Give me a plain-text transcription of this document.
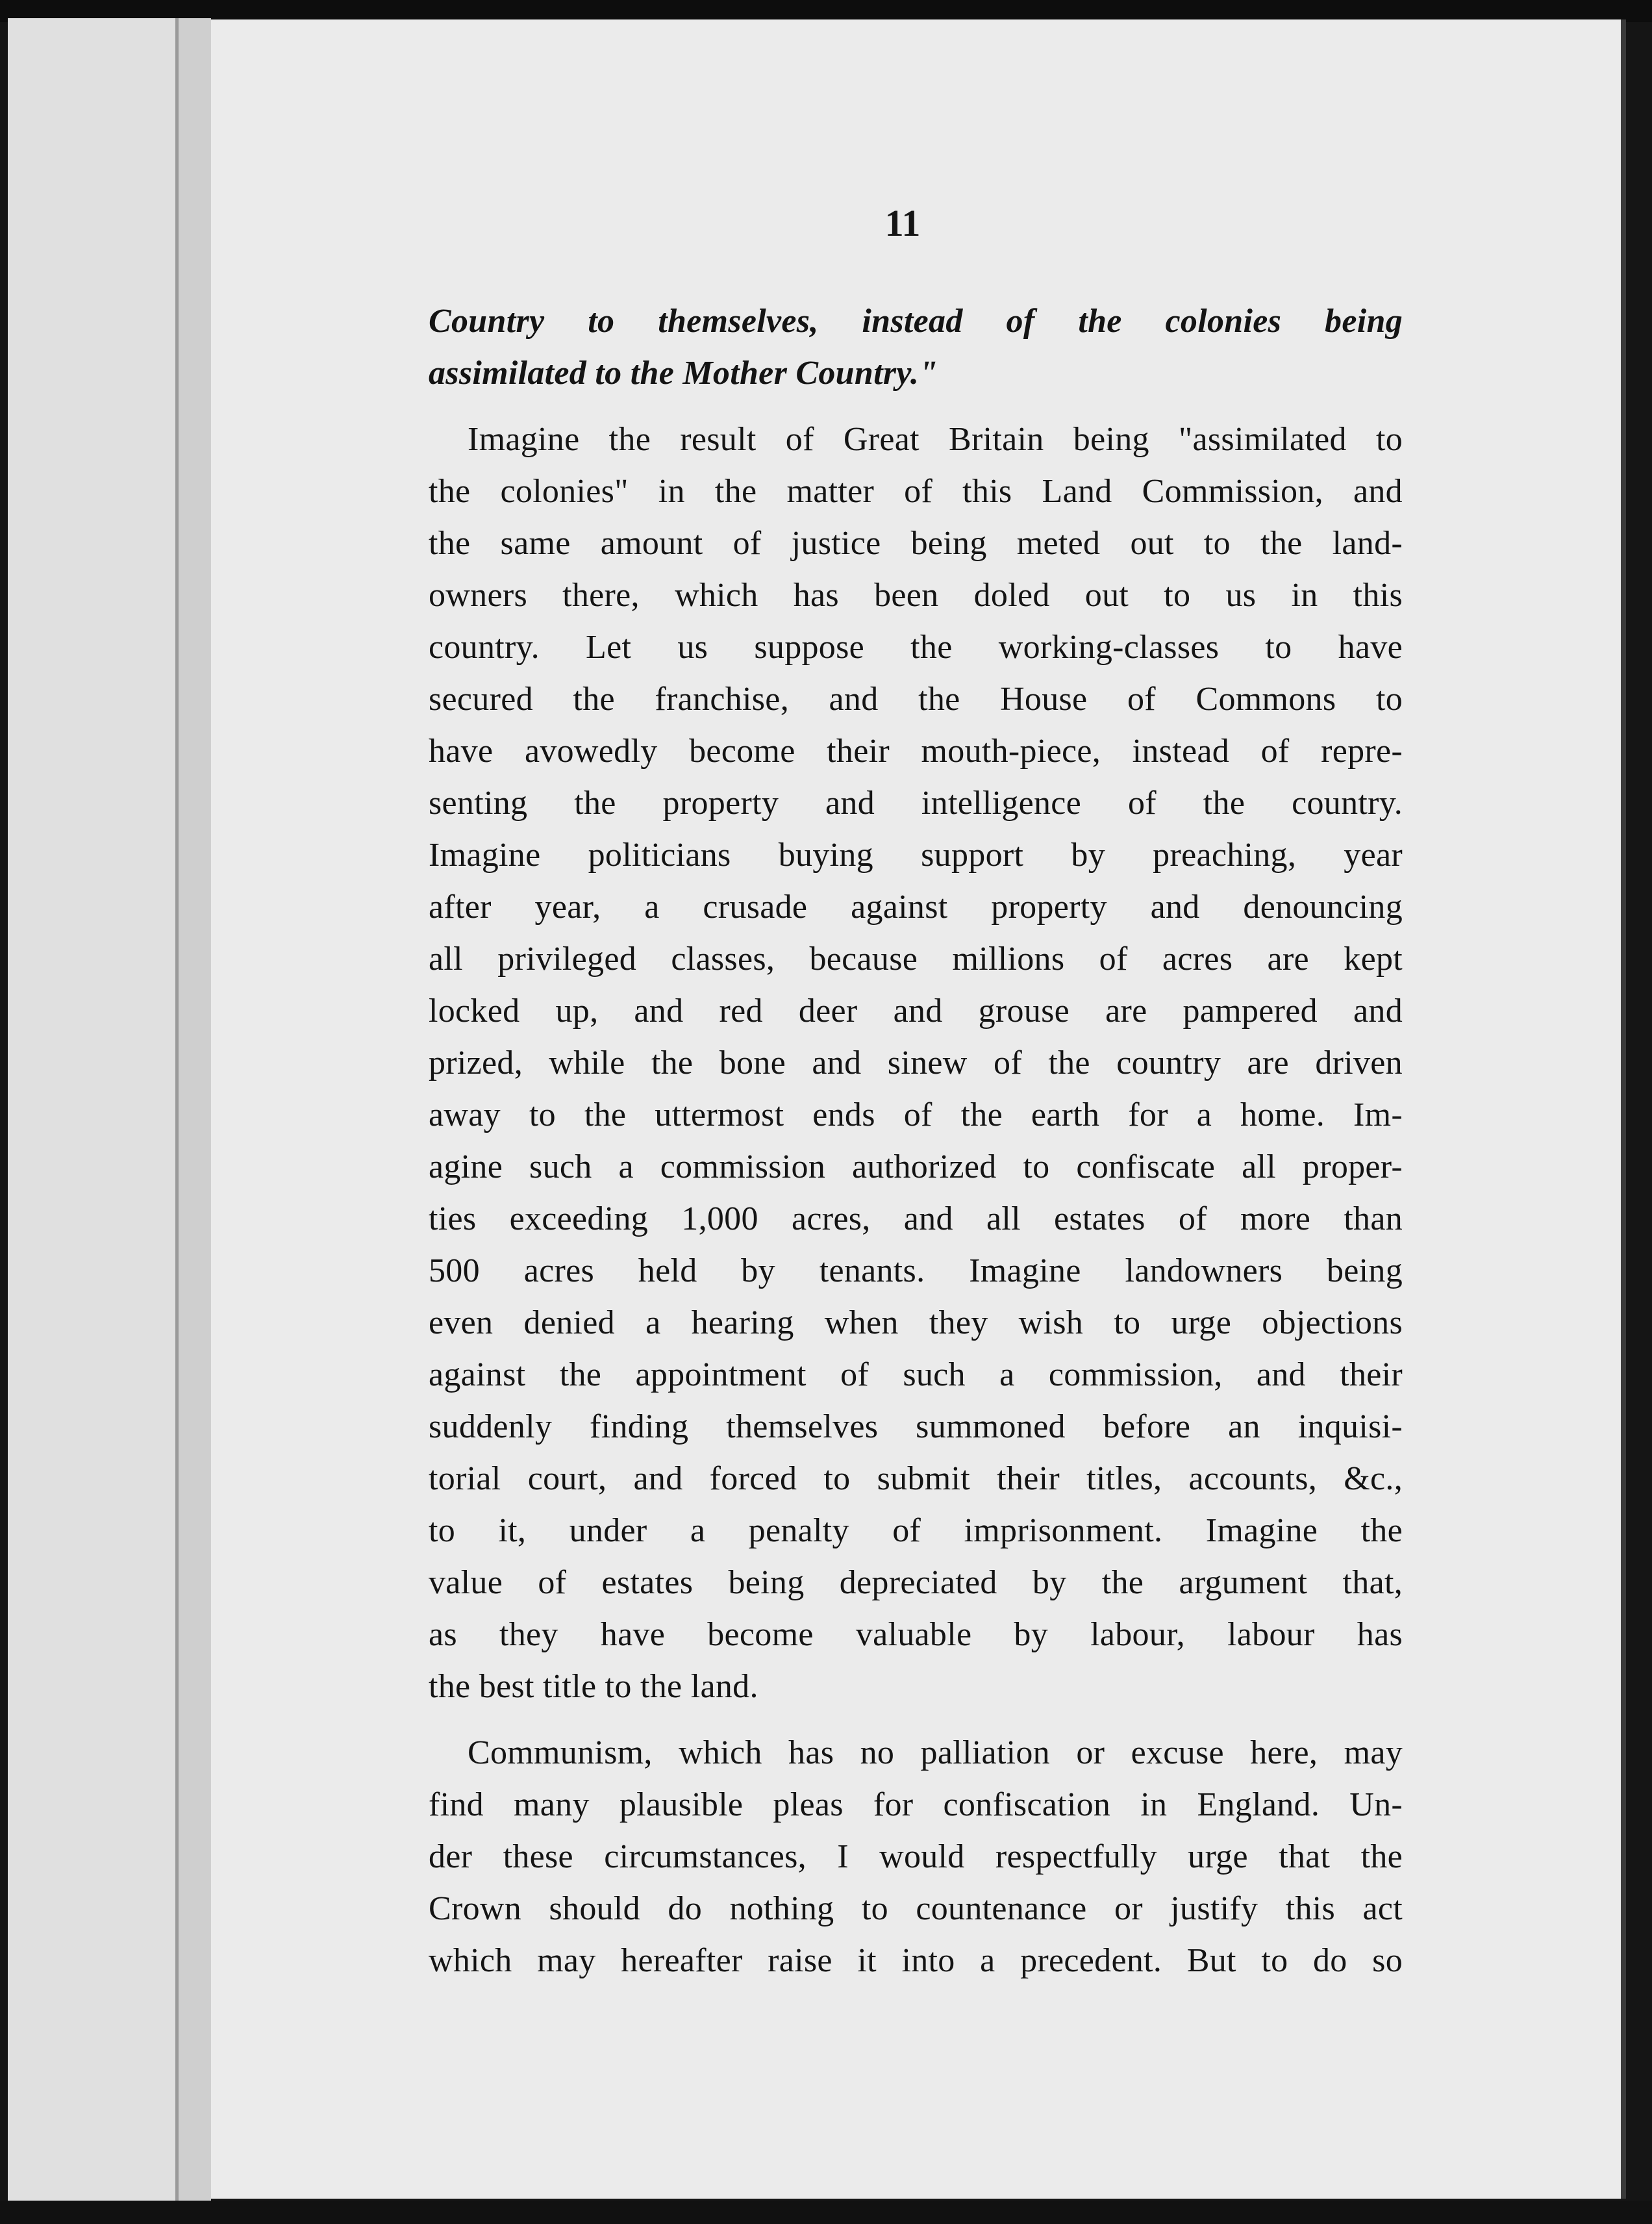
11
Country to themselves, instead of the colonies being
assimilated to the Mother Country."
Imagine the result of Great Britain being "assimilated to
the colonies" in the matter of this Land Commission, and
the same amount of justice being meted out to the land-
owners there, which has been doled out to us in this
country. Let us suppose the working-classes to have
secured the franchise, and the House of Commons to
have avowedly become their mouth-piece, instead of repre-
senting the property and intelligence of the country.
Imagine politicians buying support by preaching, year
after year, a crusade against property and denouncing
all privileged classes, because millions of acres are kept
locked up, and red deer and grouse are pampered and
prized, while the bone and sinew of the country are driven
away to the uttermost ends of the earth for a home. Im-
agine such a commission authorized to confiscate all proper-
ties exceeding 1,000 acres, and all estates of more than
500 acres held by tenants. Imagine landowners being
even denied a hearing when they wish to urge objections
against the appointment of such a commission, and their
suddenly finding themselves summoned before an inquisi-
torial court, and forced to submit their titles, accounts, &c.,
to it, under a penalty of imprisonment. Imagine the
value of estates being depreciated by the argument that,
as they have become valuable by labour, labour has
the best title to the land.
Communism, which has no palliation or excuse here, may
find many plausible pleas for confiscation in England. Un-
der these circumstances, I would respectfully urge that the
Crown should do nothing to countenance or justify this act
which may hereafter raise it into a precedent. But to do so
